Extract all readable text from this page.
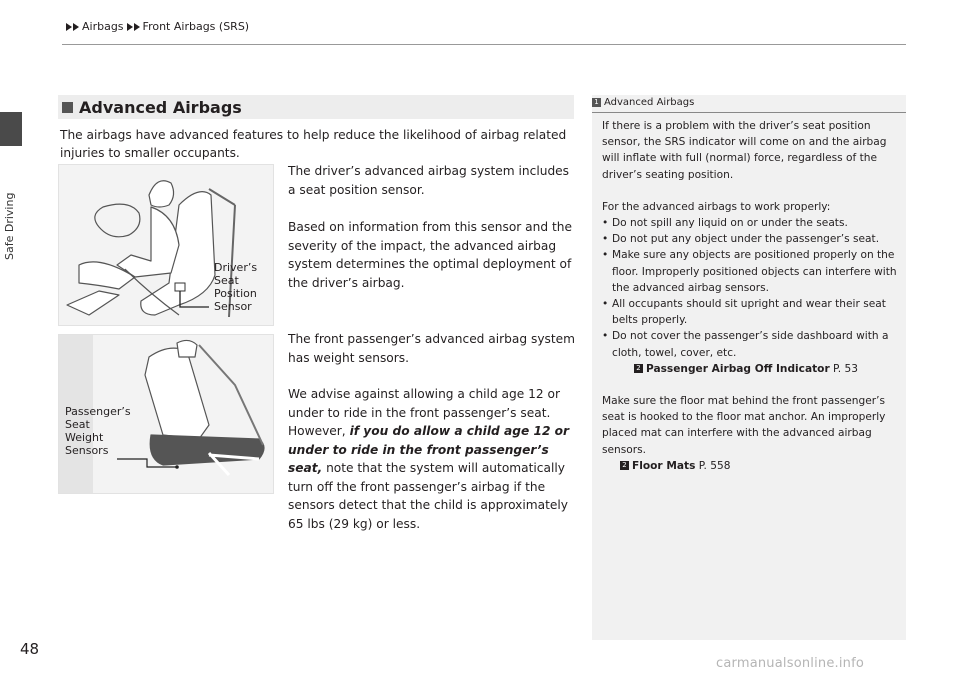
Safe Driving
Airbags Front Airbags (SRS)
Advanced Airbags
The airbags have advanced features to help reduce the likelihood of airbag related injuries to smaller occupants.
The driver’s advanced airbag system includes a seat position sensor.
Based on information from this sensor and the severity of the impact, the advanced airbag system determines the optimal deployment of the driver’s airbag.
The front passenger’s advanced airbag system has weight sensors.
We advise against allowing a child age 12 or under to ride in the front passenger’s seat. However, if you do allow a child age 12 or under to ride in the front passenger’s seat, note that the system will automatically turn off the front passenger’s airbag if the sensors detect that the child is approximately 65 lbs (29 kg) or less.
Driver’s
Seat
Position
Sensor
Passenger’s
Seat
Weight
Sensors
1 Advanced Airbags

If there is a problem with the driver’s seat position sensor, the SRS indicator will come on and the airbag will inflate with full (normal) force, regardless of the driver’s seating position.

For the advanced airbags to work properly:
• Do not spill any liquid on or under the seats.
• Do not put any object under the passenger’s seat.
• Make sure any objects are positioned properly on the floor. Improperly positioned objects can interfere with the advanced airbag sensors.
• All occupants should sit upright and wear their seat belts properly.
• Do not cover the passenger’s side dashboard with a cloth, towel, cover, etc.
2 Passenger Airbag Off Indicator P. 53
Make sure the floor mat behind the front passenger’s seat is hooked to the floor mat anchor. An improperly placed mat can interfere with the advanced airbag sensors.
2 Floor Mats P. 558
48
carmanualsonline.info
